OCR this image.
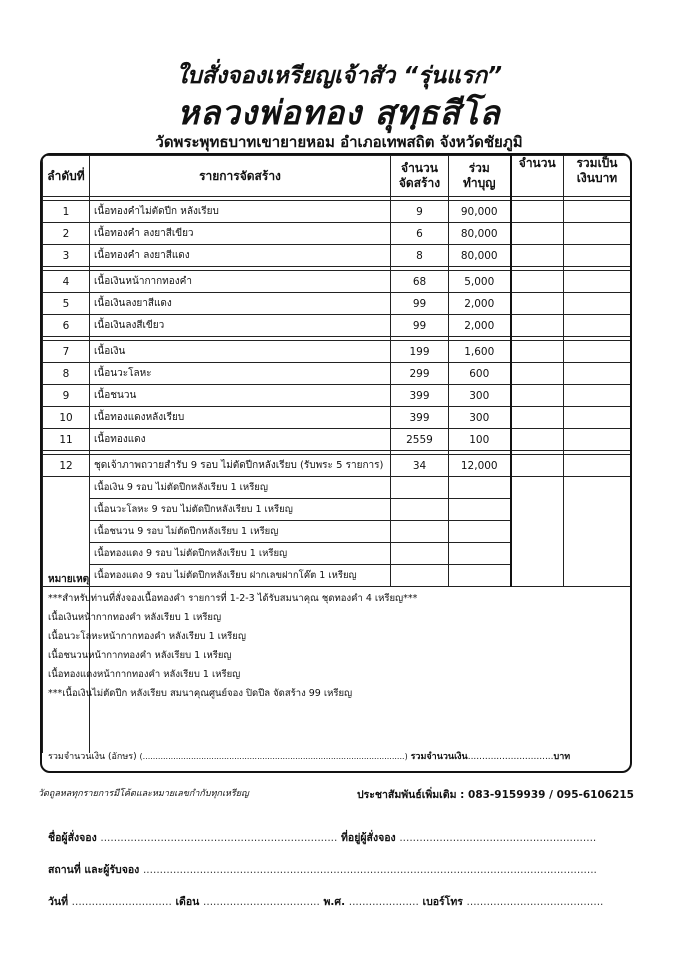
ใบสั่งจองเหรียญเจ้าสัว “รุ่นแรก”
หลวงพ่อทอง สุทฺธสีโล
วัดพระพุทธบาทเขายายหอม อำเภอเทพสถิต จังหวัดชัยภูมิ
ลำดับที่	รายการจัดสร้าง	จำนวนจัดสร้าง	ร่วมทำบุญ	จำนวน	รวมเป็นเงินบาท

1	เนื้อทองคำไม่ตัดปีก หลังเรียบ	9	90,000		
2	เนื้อทองคำ ลงยาสีเขียว	6	80,000		
3	เนื้อทองคำ ลงยาสีแดง	8	80,000		

4	เนื้อเงินหน้ากากทองคำ	68	5,000		
5	เนื้อเงินลงยาสีแดง	99	2,000		
6	เนื้อเงินลงสีเขียว	99	2,000		

7	เนื้อเงิน	199	1,600		
8	เนื้อนวะโลหะ	299	600		
9	เนื้อชนวน	399	300		
10	เนื้อทองแดงหลังเรียบ	399	300		
11	เนื้อทองแดง	2559	100		

12	ชุดเจ้าภาพถวายสำรับ 9 รอบ ไม่ตัดปีกหลังเรียบ (รับพระ 5 รายการ)	34	12,000		
	เนื้อเงิน 9 รอบ ไม่ตัดปีกหลังเรียบ 1 เหรียญ				
	เนื้อนวะโลหะ 9 รอบ ไม่ตัดปีกหลังเรียบ 1 เหรียญ				
	เนื้อชนวน 9 รอบ ไม่ตัดปีกหลังเรียบ 1 เหรียญ				
	เนื้อทองแดง 9 รอบ ไม่ตัดปีกหลังเรียบ 1 เหรียญ				
	เนื้อทองแดง 9 รอบ ไม่ตัดปีกหลังเรียบ ฝากเลขฝากโค๊ต 1 เหรียญ				

หมายเหตุ
***สำหรับท่านที่สั่งจองเนื้อทองคำ รายการที่ 1-2-3 ได้รับสมนาคุณ ชุดทองคำ 4 เหรียญ***
เนื้อเงินหน้ากากทองคำ หลังเรียบ 1 เหรียญ
เนื้อนวะโลหะหน้ากากทองคำ หลังเรียบ 1 เหรียญ
เนื้อชนวนหน้ากากทองคำ หลังเรียบ 1 เหรียญ
เนื้อทองแดงหน้ากากทองคำ หลังเรียบ 1 เหรียญ
***เนื้อเงินไม่ตัดปีก หลังเรียบ สมนาคุณศูนย์จอง ปิดปีล จัดสร้าง 99 เหรียญ
รวมจำนวนเงิน (อักษร) (.......................................................................................................) รวมจำนวนเงิน..............................บาท
วัดถูลหลทุกรายการมีโค้ตและหมายเลขกำกับทุกเหรียญ	ประชาสัมพันธ์เพิ่มเติม : 083-9159939 / 095-6106215
ชื่อผู้สั่งจอง ....................................................................... ที่อยู่ผู้สั่งจอง ...........................................................
สถานที่ และผู้รับจอง ........................................................................................................................................
วันที่ .............................. เดือน ................................... พ.ศ. ..................... เบอร์โทร .........................................
